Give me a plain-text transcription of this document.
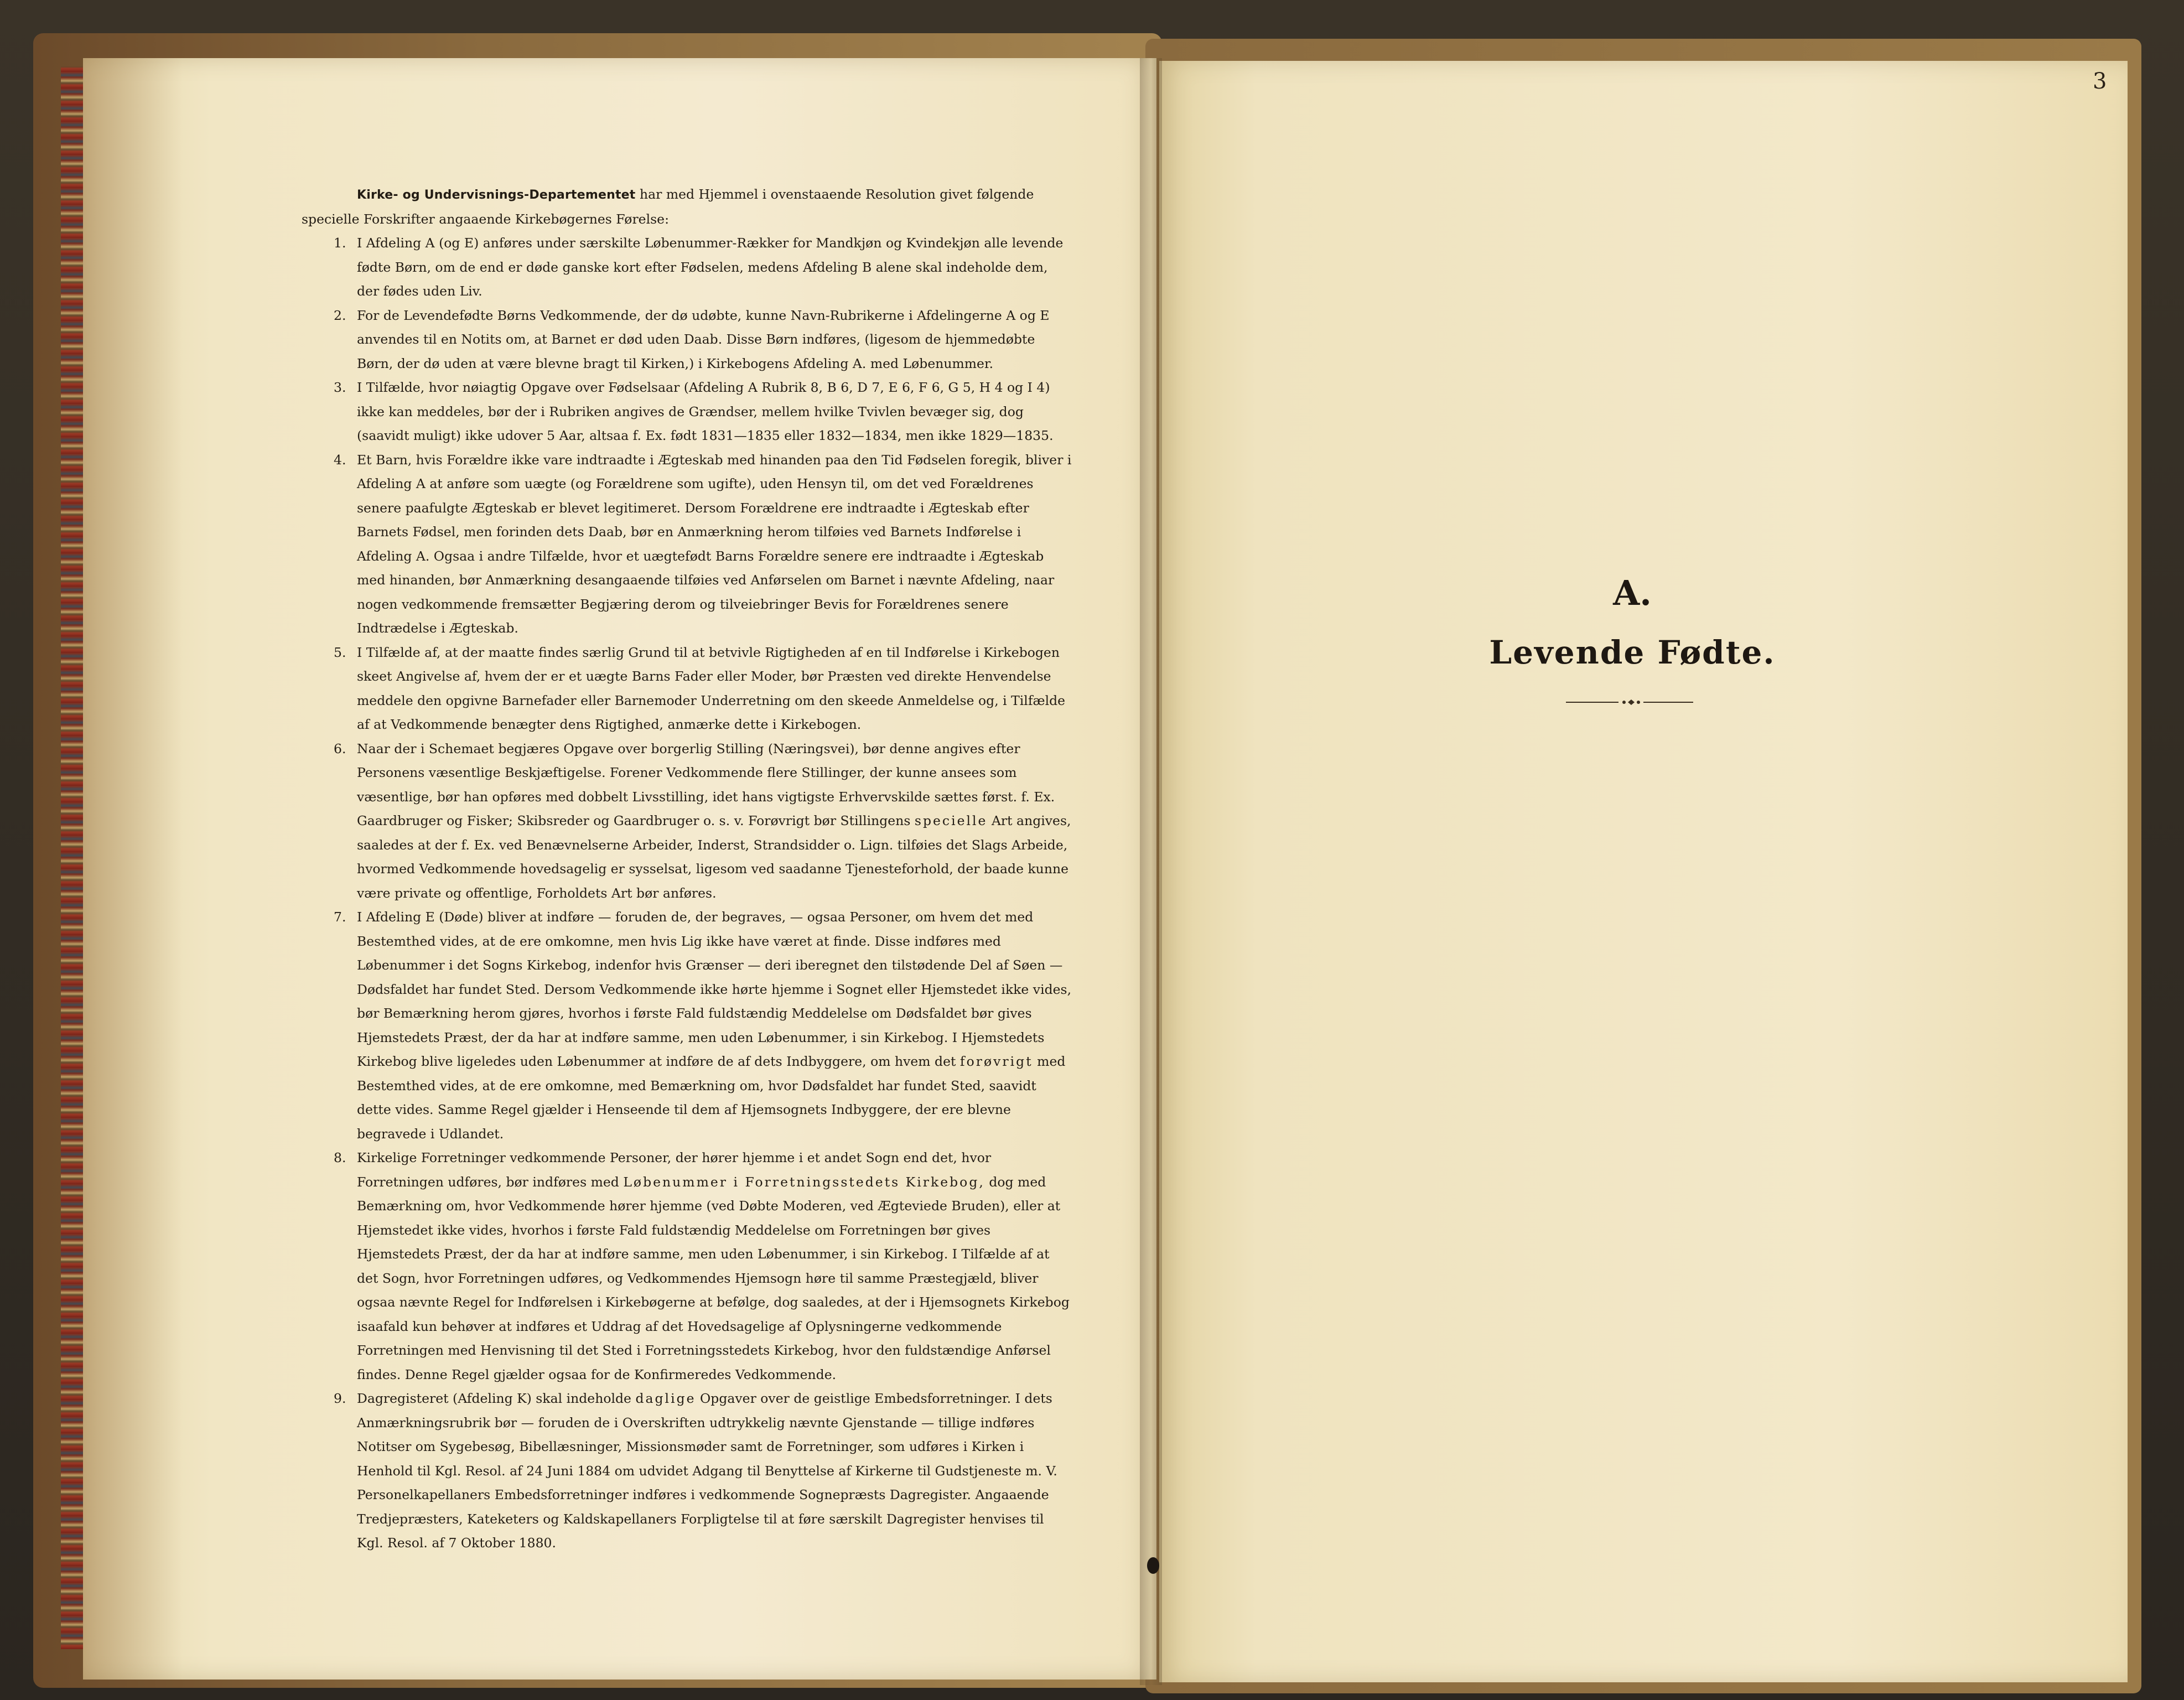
Kirke- og Undervisnings-Departementet har med Hjemmel i ovenstaaende Resolution givet følgende specielle Forskrifter angaaende Kirkebøgernes Førelse:

1. I Afdeling A (og E) anføres under særskilte Løbenummer-Rækker for Mandkjøn og Kvindekjøn alle levende fødte Børn, om de end er døde ganske kort efter Fødselen, medens Afdeling B alene skal indeholde dem, der fødes uden Liv.

2. For de Levendefødte Børns Vedkommende, der dø udøbte, kunne Navn-Rubrikerne i Afdelingerne A og E anvendes til en Notits om, at Barnet er død uden Daab. Disse Børn indføres, (ligesom de hjemmedøbte Børn, der dø uden at være blevne bragt til Kirken,) i Kirkebogens Afdeling A. med Løbenummer.

3. I Tilfælde, hvor nøiagtig Opgave over Fødselsaar (Afdeling A Rubrik 8, B 6, D 7, E 6, F 6, G 5, H 4 og I 4) ikke kan meddeles, bør der i Rubriken angives de Grændser, mellem hvilke Tvivlen bevæger sig, dog (saavidt muligt) ikke udover 5 Aar, altsaa f. Ex. født 1831—1835 eller 1832—1834, men ikke 1829—1835.

4. Et Barn, hvis Forældre ikke vare indtraadte i Ægteskab med hinanden paa den Tid Fødselen foregik, bliver i Afdeling A at anføre som uægte (og Forældrene som ugifte), uden Hensyn til, om det ved Forældrenes senere paafulgte Ægteskab er blevet legitimeret. Dersom Forældrene ere indtraadte i Ægteskab efter Barnets Fødsel, men forinden dets Daab, bør en Anmærkning herom tilføies ved Barnets Indførelse i Afdeling A. Ogsaa i andre Tilfælde, hvor et uægtefødt Barns Forældre senere ere indtraadte i Ægteskab med hinanden, bør Anmærkning desangaaende tilføies ved Anførselen om Barnet i nævnte Afdeling, naar nogen vedkommende fremsætter Begjæring derom og tilveiebringer Bevis for Forældrenes senere Indtrædelse i Ægteskab.

5. I Tilfælde af, at der maatte findes særlig Grund til at betvivle Rigtigheden af en til Indførelse i Kirkebogen skeet Angivelse af, hvem der er et uægte Barns Fader eller Moder, bør Præsten ved direkte Henvendelse meddele den opgivne Barnefader eller Barnemoder Underretning om den skeede Anmeldelse og, i Tilfælde af at Vedkommende benægter dens Rigtighed, anmærke dette i Kirkebogen.

6. Naar der i Schemaet begjæres Opgave over borgerlig Stilling (Næringsvei), bør denne angives efter Personens væsentlige Beskjæftigelse. Forener Vedkommende flere Stillinger, der kunne ansees som væsentlige, bør han opføres med dobbelt Livsstilling, idet hans vigtigste Erhvervskilde sættes først. f. Ex. Gaardbruger og Fisker; Skibsreder og Gaardbruger o. s. v. Forøvrigt bør Stillingens specielle Art angives, saaledes at der f. Ex. ved Benævnelserne Arbeider, Inderst, Strandsidder o. Lign. tilføies det Slags Arbeide, hvormed Vedkommende hovedsagelig er sysselsat, ligesom ved saadanne Tjenesteforhold, der baade kunne være private og offentlige, Forholdets Art bør anføres.

7. I Afdeling E (Døde) bliver at indføre — foruden de, der begraves, — ogsaa Personer, om hvem det med Bestemthed vides, at de ere omkomne, men hvis Lig ikke have været at finde. Disse indføres med Løbenummer i det Sogns Kirkebog, indenfor hvis Grænser — deri iberegnet den tilstødende Del af Søen — Dødsfaldet har fundet Sted. Dersom Vedkommende ikke hørte hjemme i Sognet eller Hjemstedet ikke vides, bør Bemærkning herom gjøres, hvorhos i første Fald fuldstændig Meddelelse om Dødsfaldet bør gives Hjemstedets Præst, der da har at indføre samme, men uden Løbenummer, i sin Kirkebog. I Hjemstedets Kirkebog blive ligeledes uden Løbenummer at indføre de af dets Indbyggere, om hvem det forøvrigt med Bestemthed vides, at de ere omkomne, med Bemærkning om, hvor Dødsfaldet har fundet Sted, saavidt dette vides. Samme Regel gjælder i Henseende til dem af Hjemsognets Indbyggere, der ere blevne begravede i Udlandet.

8. Kirkelige Forretninger vedkommende Personer, der hører hjemme i et andet Sogn end det, hvor Forretningen udføres, bør indføres med Løbenummer i Forretningsstedets Kirkebog, dog med Bemærkning om, hvor Vedkommende hører hjemme (ved Døbte Moderen, ved Ægteviede Bruden), eller at Hjemstedet ikke vides, hvorhos i første Fald fuldstændig Meddelelse om Forretningen bør gives Hjemstedets Præst, der da har at indføre samme, men uden Løbenummer, i sin Kirkebog. I Tilfælde af at det Sogn, hvor Forretningen udføres, og Vedkommendes Hjemsogn høre til samme Præstegjæld, bliver ogsaa nævnte Regel for Indførelsen i Kirkebøgerne at befølge, dog saaledes, at der i Hjemsognets Kirkebog isaafald kun behøver at indføres et Uddrag af det Hovedsagelige af Oplysningerne vedkommende Forretningen med Henvisning til det Sted i Forretningsstedets Kirkebog, hvor den fuldstændige Anførsel findes. Denne Regel gjælder ogsaa for de Konfirmeredes Vedkommende.

9. Dagregisteret (Afdeling K) skal indeholde daglige Opgaver over de geistlige Embedsforretninger. I dets Anmærkningsrubrik bør — foruden de i Overskriften udtrykkelig nævnte Gjenstande — tillige indføres Notitser om Sygebesøg, Bibellæsninger, Missionsmøder samt de Forretninger, som udføres i Kirken i Henhold til Kgl. Resol. af 24 Juni 1884 om udvidet Adgang til Benyttelse af Kirkerne til Gudstjeneste m. V. Personelkapellaners Embedsforretninger indføres i vedkommende Sognepræsts Dagregister. Angaaende Tredjepræsters, Kateketers og Kaldskapellaners Forpligtelse til at føre særskilt Dagregister henvises til Kgl. Resol. af 7 Oktober 1880.

3
A.
Levende Fødte.
